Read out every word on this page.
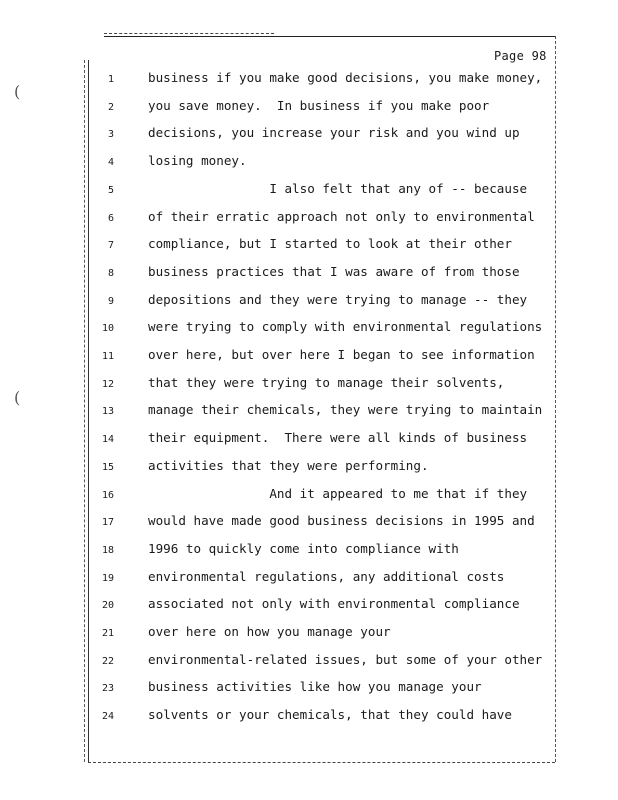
(
(
Page 98
1	business if you make good decisions, you make money,
2	you save money.  In business if you make poor
3	decisions, you increase your risk and you wind up
4	losing money.
5	I also felt that any of -- because
6	of their erratic approach not only to environmental
7	compliance, but I started to look at their other
8	business practices that I was aware of from those
9	depositions and they were trying to manage -- they
10	were trying to comply with environmental regulations
11	over here, but over here I began to see information
12	that they were trying to manage their solvents,
13	manage their chemicals, they were trying to maintain
14	their equipment.  There were all kinds of business
15	activities that they were performing.
16	And it appeared to me that if they
17	would have made good business decisions in 1995 and
18	1996 to quickly come into compliance with
19	environmental regulations, any additional costs
20	associated not only with environmental compliance
21	over here on how you manage your
22	environmental-related issues, but some of your other
23	business activities like how you manage your
24	solvents or your chemicals, that they could have
